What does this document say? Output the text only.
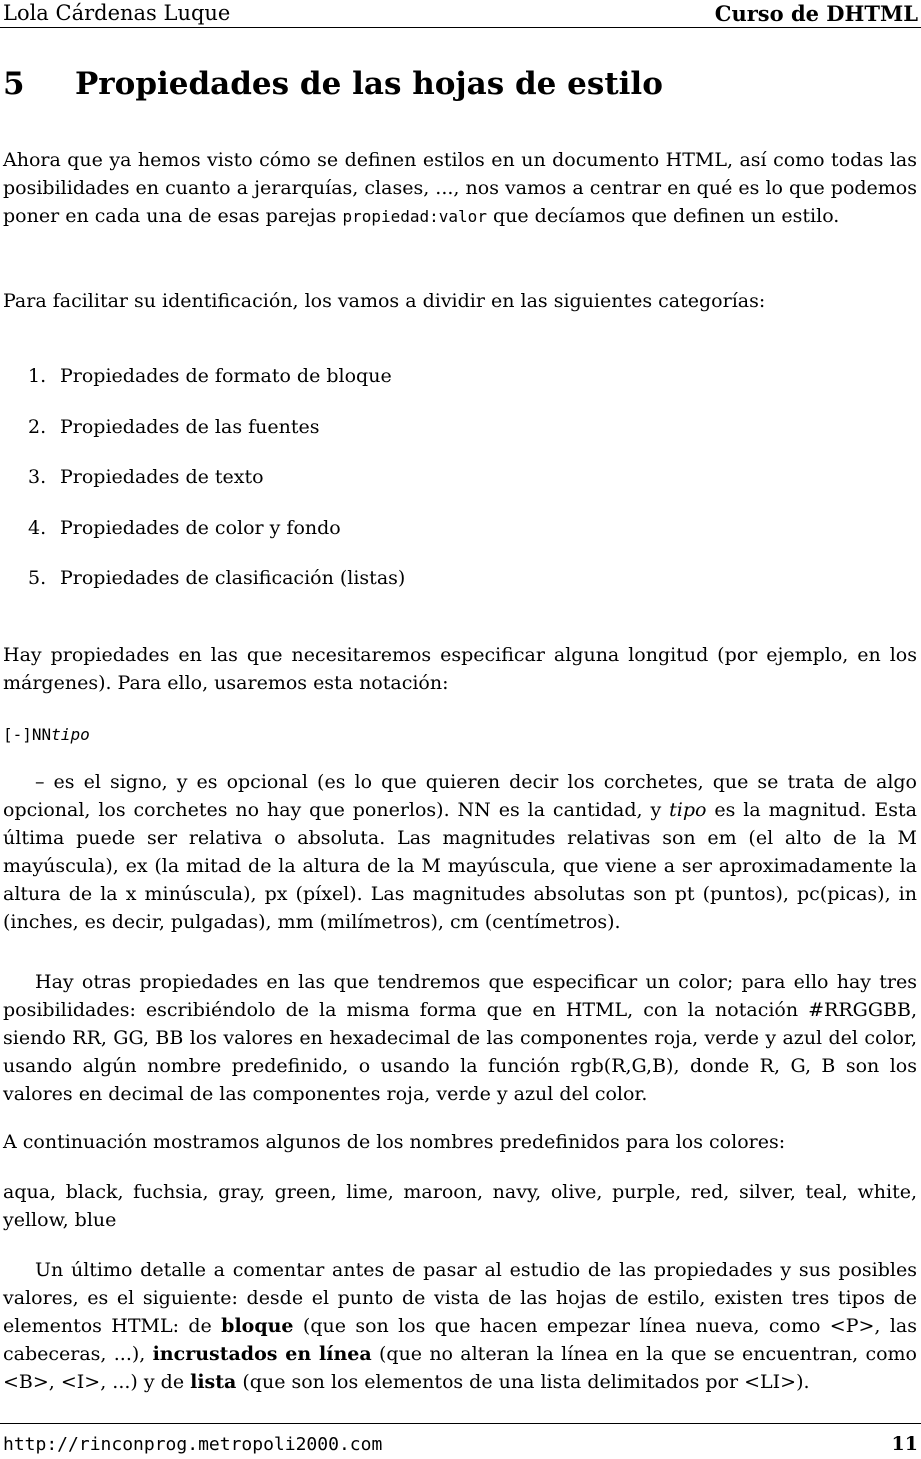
Lola Cárdenas Luque	Curso de DHTML
5	Propiedades de las hojas de estilo

Ahora que ya hemos visto cómo se definen estilos en un documento HTML, así como todas las posibilidades en cuanto a jerarquías, clases, ..., nos vamos a centrar en qué es lo que podemos poner en cada una de esas parejas propiedad:valor que decíamos que definen un estilo.

Para facilitar su identificación, los vamos a dividir en las siguientes categorías:

1. Propiedades de formato de bloque
2. Propiedades de las fuentes
3. Propiedades de texto
4. Propiedades de color y fondo
5. Propiedades de clasificación (listas)

Hay propiedades en las que necesitaremos especificar alguna longitud (por ejemplo, en los márgenes). Para ello, usaremos esta notación:

[-]NNtipo

– es el signo, y es opcional (es lo que quieren decir los corchetes, que se trata de algo opcional, los corchetes no hay que ponerlos). NN es la cantidad, y tipo es la magnitud. Esta última puede ser relativa o absoluta. Las magnitudes relativas son em (el alto de la M mayúscula), ex (la mitad de la altura de la M mayúscula, que viene a ser aproximadamente la altura de la x minúscula), px (píxel). Las magnitudes absolutas son pt (puntos), pc(picas), in (inches, es decir, pulgadas), mm (milímetros), cm (centímetros).

Hay otras propiedades en las que tendremos que especificar un color; para ello hay tres posibilidades: escribiéndolo de la misma forma que en HTML, con la notación #RRGGBB, siendo RR, GG, BB los valores en hexadecimal de las componentes roja, verde y azul del color, usando algún nombre predefinido, o usando la función rgb(R,G,B), donde R, G, B son los valores en decimal de las componentes roja, verde y azul del color.

A continuación mostramos algunos de los nombres predefinidos para los colores:

aqua, black, fuchsia, gray, green, lime, maroon, navy, olive, purple, red, silver, teal, white, yellow, blue

Un último detalle a comentar antes de pasar al estudio de las propiedades y sus posibles valores, es el siguiente: desde el punto de vista de las hojas de estilo, existen tres tipos de elementos HTML: de bloque (que son los que hacen empezar línea nueva, como <P>, las cabeceras, ...), incrustados en línea (que no alteran la línea en la que se encuentran, como <B>, <I>, ...) y de lista (que son los elementos de una lista delimitados por <LI>).

http://rinconprog.metropoli2000.com	11
